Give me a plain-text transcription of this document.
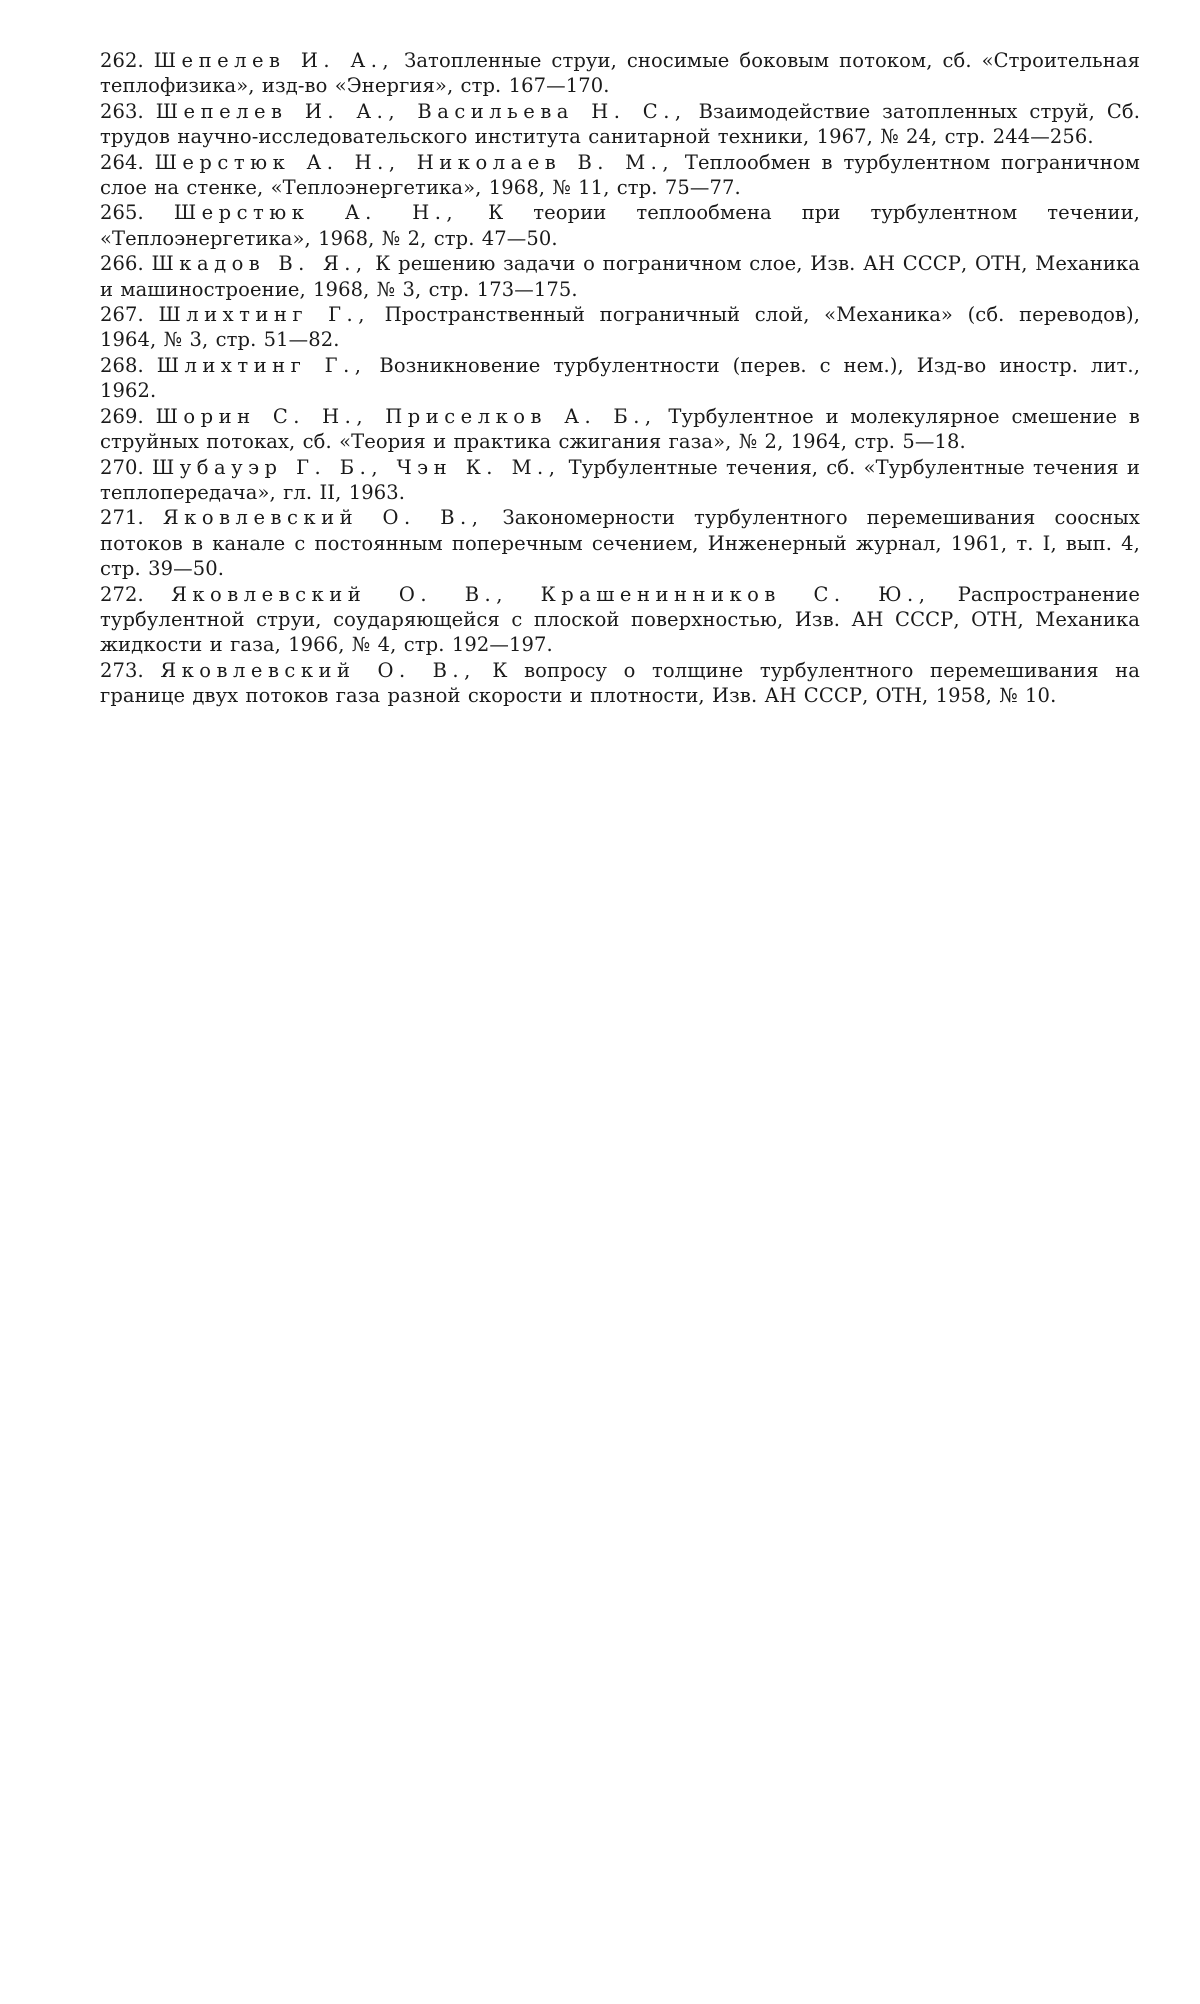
262. Шепелев И. А., Затопленные струи, сносимые боковым потоком, сб. «Строительная теплофизика», изд-во «Энергия», стр. 167—170.

263. Шепелев И. А., Васильева Н. С., Взаимодействие затопленных струй, Сб. трудов научно-исследовательского института санитарной техники, 1967, № 24, стр. 244—256.

264. Шерстюк А. Н., Николаев В. М., Теплообмен в турбулентном пограничном слое на стенке, «Теплоэнергетика», 1968, № 11, стр. 75—77.

265. Шерстюк А. Н., К теории теплообмена при турбулентном течении, «Теплоэнергетика», 1968, № 2, стр. 47—50.

266. Шкадов В. Я., К решению задачи о пограничном слое, Изв. АН СССР, ОТН, Механика и машиностроение, 1968, № 3, стр. 173—175.

267. Шлихтинг Г., Пространственный пограничный слой, «Механика» (сб. переводов), 1964, № 3, стр. 51—82.

268. Шлихтинг Г., Возникновение турбулентности (перев. с нем.), Изд-во иностр. лит., 1962.

269. Шорин С. Н., Приселков А. Б., Турбулентное и молекулярное смешение в струйных потоках, сб. «Теория и практика сжигания газа», № 2, 1964, стр. 5—18.

270. Шубауэр Г. Б., Чэн К. М., Турбулентные течения, сб. «Турбулентные течения и теплопередача», гл. II, 1963.

271. Яковлевский О. В., Закономерности турбулентного перемешивания соосных потоков в канале с постоянным поперечным сечением, Инженерный журнал, 1961, т. I, вып. 4, стр. 39—50.

272. Яковлевский О. В., Крашенинников С. Ю., Распространение турбулентной струи, соударяющейся с плоской поверхностью, Изв. АН СССР, ОТН, Механика жидкости и газа, 1966, № 4, стр. 192—197.

273. Яковлевский О. В., К вопросу о толщине турбулентного перемешивания на границе двух потоков газа разной скорости и плотности, Изв. АН СССР, ОТН, 1958, № 10.
